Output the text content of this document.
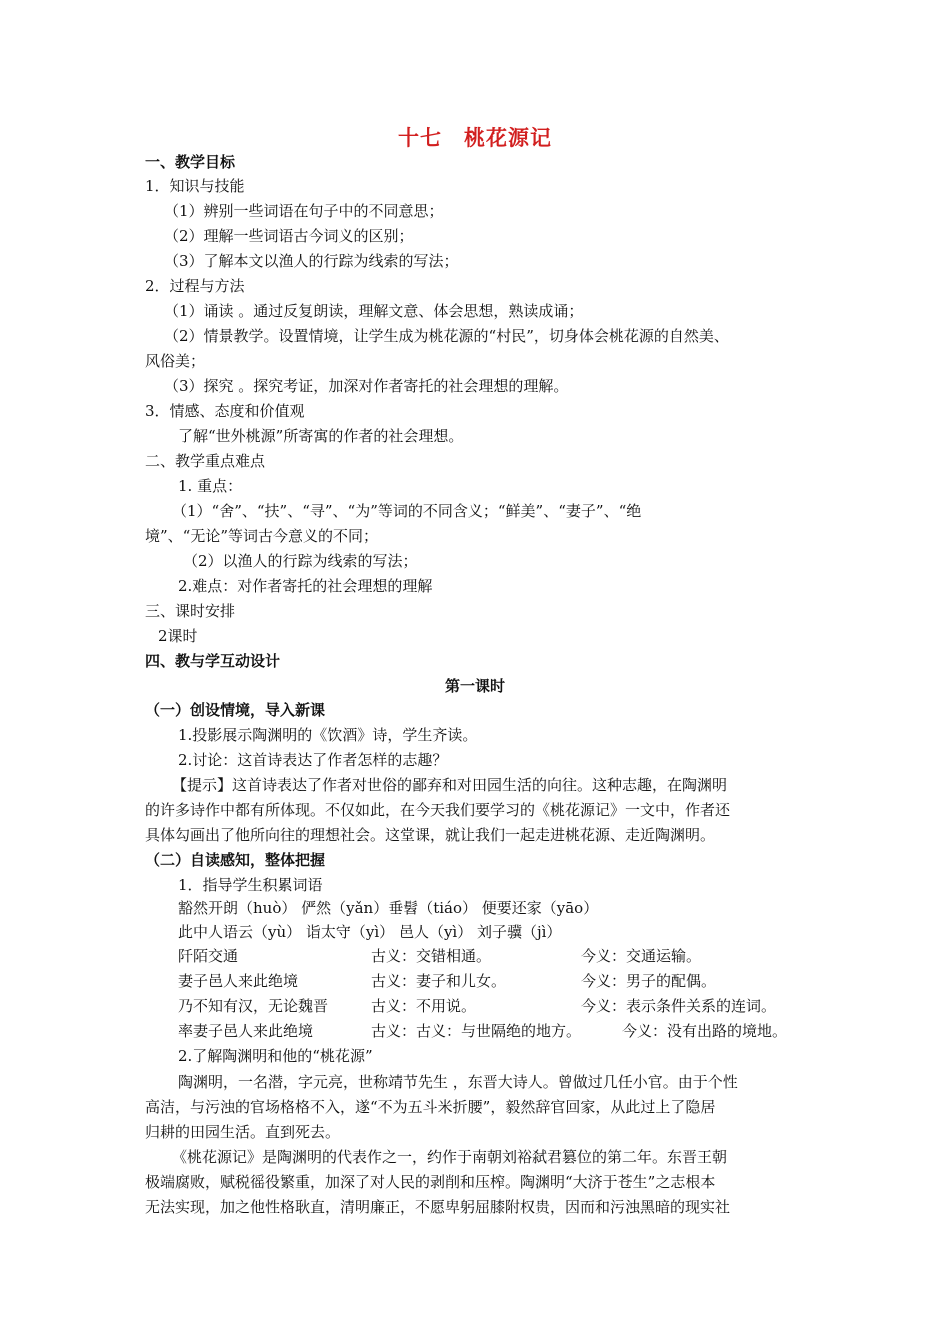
十七　桃花源记
一、教学目标
1．知识与技能
（1）辨别一些词语在句子中的不同意思；
（2）理解一些词语古今词义的区别；
（3）了解本文以渔人的行踪为线索的写法；
2．过程与方法
（1）诵读 。通过反复朗读，理解文意、体会思想，熟读成诵；
（2）情景教学。设置情境，让学生成为桃花源的“村民”，切身体会桃花源的自然美、
风俗美；
（3）探究 。探究考证，加深对作者寄托的社会理想的理解。
3．情感、态度和价值观
了解“世外桃源”所寄寓的作者的社会理想。
二、教学重点难点
1. 重点：
（1）“舍”、“扶”、“寻”、“为”等词的不同含义；“鲜美”、“妻子”、“绝
境”、“无论”等词古今意义的不同；
（2）以渔人的行踪为线索的写法；
2.难点：对作者寄托的社会理想的理解
三、课时安排
2课时
四、教与学互动设计
第一课时
（一）创设情境，导入新课
1.投影展示陶渊明的《饮酒》诗，学生齐读。
2.讨论：这首诗表达了作者怎样的志趣？
【提示】这首诗表达了作者对世俗的鄙弃和对田园生活的向往。这种志趣，在陶渊明
的许多诗作中都有所体现。不仅如此，在今天我们要学习的《桃花源记》一文中，作者还
具体勾画出了他所向往的理想社会。这堂课，就让我们一起走进桃花源、走近陶渊明。
（二）自读感知，整体把握
1．指导学生积累词语
豁然开朗（huò） 俨然（yǎn）垂髫（tiáo） 便要还家（yāo）
此中人语云（yù） 诣太守（yì） 邑人（yì） 刘子骥（jì）
阡陌交通	古义：交错相通。	今义：交通运输。
妻子邑人来此绝境	古义：妻子和儿女。	今义：男子的配偶。
乃不知有汉，无论魏晋	古义：不用说。	今义：表示条件关系的连词。
率妻子邑人来此绝境	古义：古义：与世隔绝的地方。	今义：没有出路的境地。
2.了解陶渊明和他的“桃花源”
陶渊明，一名潜，字元亮，世称靖节先生 ，东晋大诗人。曾做过几任小官。由于个性
高洁，与污浊的官场格格不入，遂“不为五斗米折腰”，毅然辞官回家，从此过上了隐居
归耕的田园生活。直到死去。
《桃花源记》是陶渊明的代表作之一，约作于南朝刘裕弑君篡位的第二年。东晋王朝
极端腐败，赋税徭役繁重，加深了对人民的剥削和压榨。陶渊明“大济于苍生”之志根本
无法实现，加之他性格耿直，清明廉正，不愿卑躬屈膝附权贵，因而和污浊黑暗的现实社
